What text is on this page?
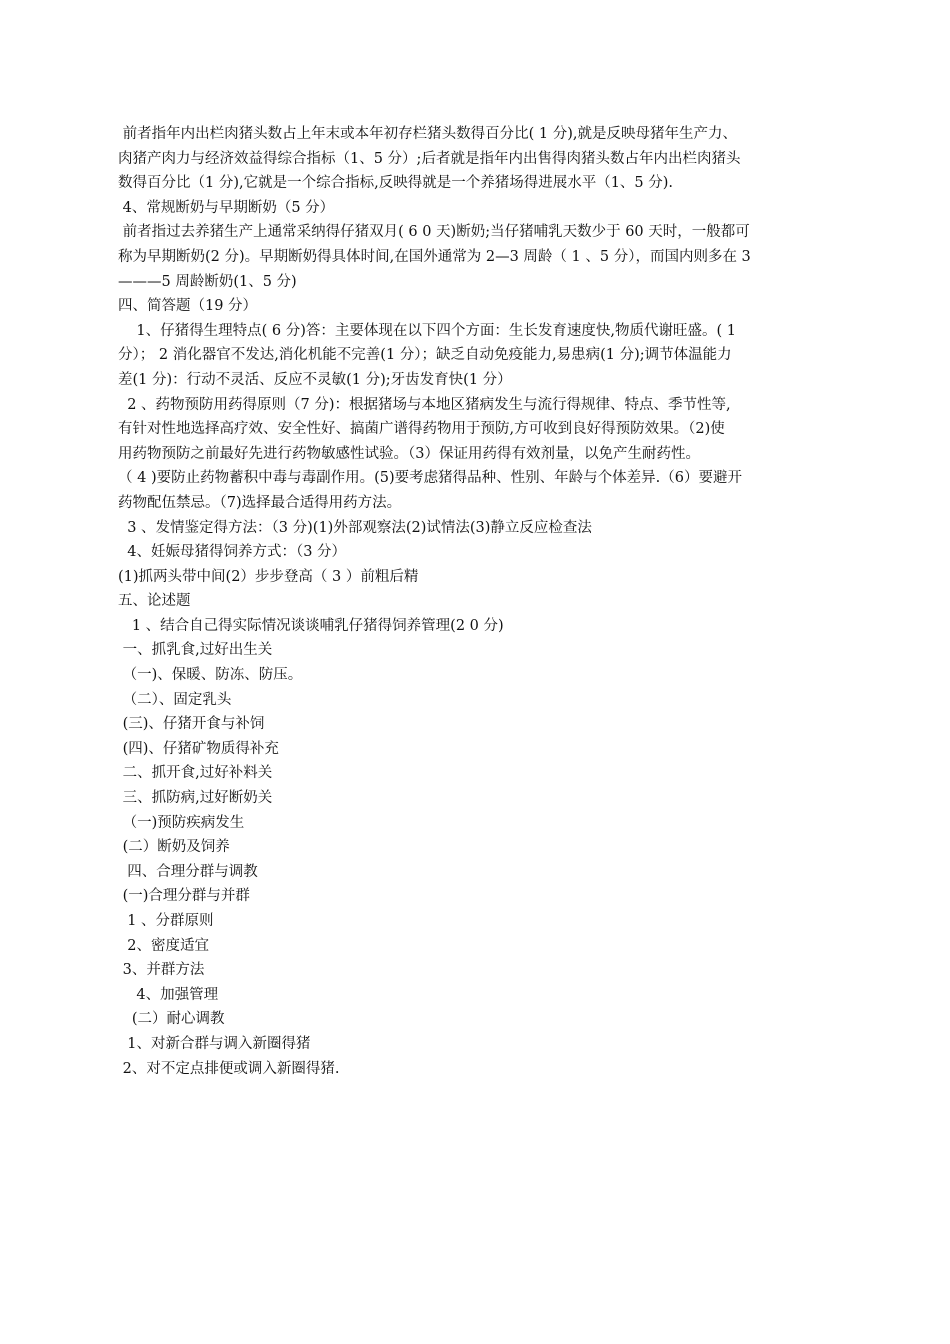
前者指年内出栏肉猪头数占上年末或本年初存栏猪头数得百分比( 1 分),就是反映母猪年生产力、
肉猪产肉力与经济效益得综合指标（1、5 分）;后者就是指年内出售得肉猪头数占年内出栏肉猪头
数得百分比（1 分),它就是一个综合指标,反映得就是一个养猪场得进展水平（1、5 分).
4、常规断奶与早期断奶（5 分）
前者指过去养猪生产上通常采纳得仔猪双月( 6 0 天)断奶;当仔猪哺乳天数少于 60 天时，一般都可
称为早期断奶(2 分)。早期断奶得具体时间,在国外通常为 2—3 周龄（ 1 、5 分），而国内则多在 3
———5 周龄断奶(1、5 分)
四、简答题（19 分）
1、仔猪得生理特点( 6 分)答：主要体现在以下四个方面：生长发育速度快,物质代谢旺盛。( 1
分）； 2 消化器官不发达,消化机能不完善(1 分）；缺乏自动免疫能力,易患病(1 分);调节体温能力
差(1 分)：行动不灵活、反应不灵敏(1 分);牙齿发育快(1 分）
2 、药物预防用药得原则（7 分)：根据猪场与本地区猪病发生与流行得规律、特点、季节性等,
有针对性地选择高疗效、安全性好、搞菌广谱得药物用于预防,方可收到良好得预防效果。（2)使
用药物预防之前最好先进行药物敏感性试验。（3）保证用药得有效剂量，以免产生耐药性。
（ 4 )要防止药物蓄积中毒与毒副作用。(5)要考虑猪得品种、性别、年龄与个体差异.（6）要避开
药物配伍禁忌。（7)选择最合适得用药方法。
3 、发情鉴定得方法：（3 分)(1)外部观察法(2)试情法(3)静立反应检查法
4、妊娠母猪得饲养方式：（3 分）
(1)抓两头带中间(2）步步登高（ 3 ）前粗后精
五、论述题
1 、结合自己得实际情况谈谈哺乳仔猪得饲养管理(2 0 分)
一、抓乳食,过好出生关
（一)、保暖、防冻、防压。
（二）、固定乳头
(三)、仔猪开食与补饲
(四)、仔猪矿物质得补充
二、抓开食,过好补料关
三、抓防病,过好断奶关
（一)预防疾病发生
(二）断奶及饲养
四、合理分群与调教
(一)合理分群与并群
1 、分群原则
2、密度适宜
3、并群方法
4、加强管理
(二）耐心调教
1、对新合群与调入新圈得猪
2、对不定点排便或调入新圈得猪.
